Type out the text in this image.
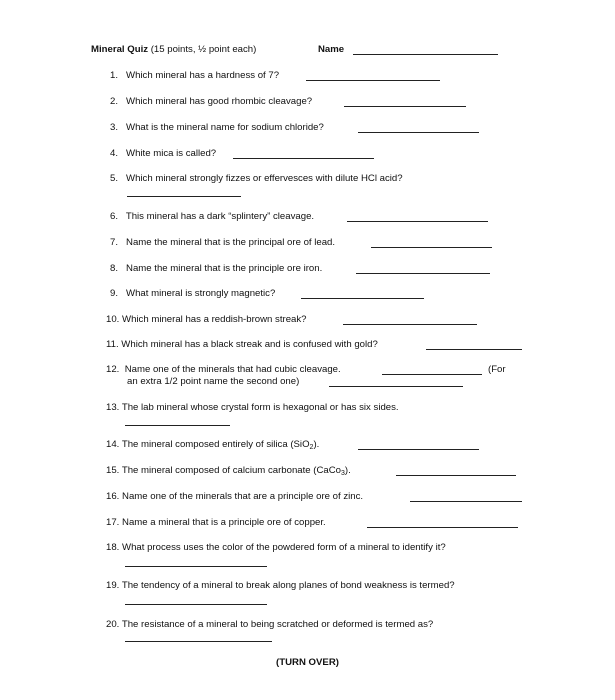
Mineral Quiz (15 points, ½ point each)	Name
1. Which mineral has a hardness of 7?
2. Which mineral has good rhombic cleavage?
3. What is the mineral name for sodium chloride?
4. White mica is called?
5. Which mineral strongly fizzes or effervesces with dilute HCl acid?
6. This mineral has a dark “splintery” cleavage.
7. Name the mineral that is the principal ore of lead.
8. Name the mineral that is the principle ore iron.
9. What mineral is strongly magnetic?
10. Which mineral has a reddish-brown streak?
11. Which mineral has a black streak and is confused with gold?
12. Name one of the minerals that had cubic cleavage.	(For
an extra 1/2 point name the second one)
13. The lab mineral whose crystal form is hexagonal or has six sides.
14. The mineral composed entirely of silica (SiO$_2$).
15. The mineral composed of calcium carbonate (CaCo$_3$).
16. Name one of the minerals that are a principle ore of zinc.
17. Name a mineral that is a principle ore of copper.
18. What process uses the color of the powdered form of a mineral to identify it?
19. The tendency of a mineral to break along planes of bond weakness is termed?
20. The resistance of a mineral to being scratched or deformed is termed as?
(TURN OVER)
